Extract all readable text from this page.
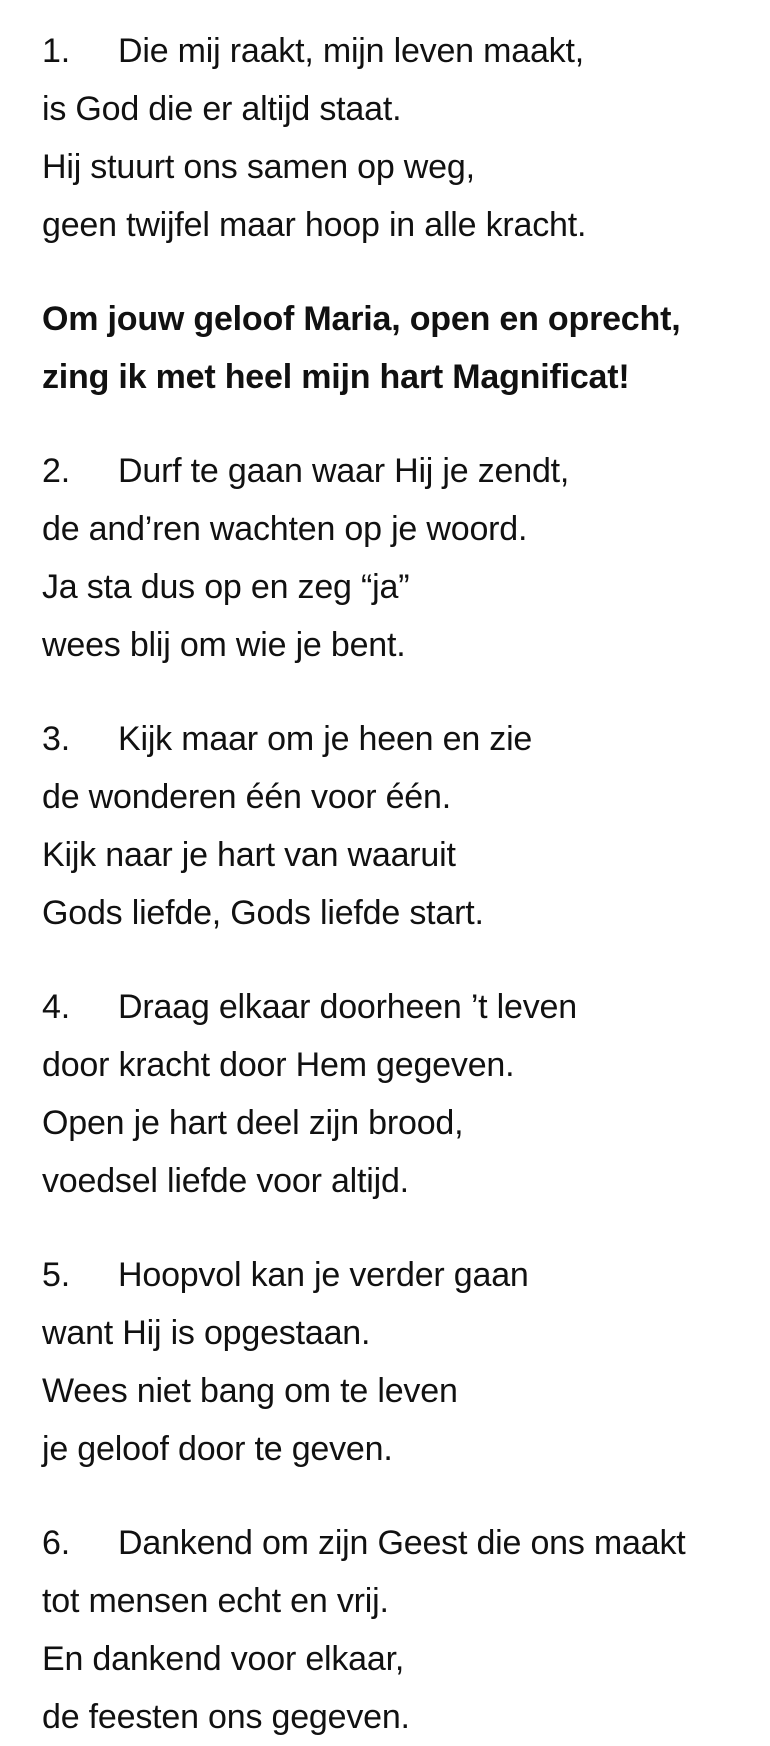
1. Die mij raakt, mijn leven maakt,
is God die er altijd staat.
Hij stuurt ons samen op weg,
geen twijfel maar hoop in alle kracht.
Om jouw geloof Maria, open en oprecht,
zing ik met heel mijn hart Magnificat!
2. Durf te gaan waar Hij je zendt,
de and’ren wachten op je woord.
Ja sta dus op en zeg “ja”
wees blij om wie je bent.
3. Kijk maar om je heen en zie
de wonderen één voor één.
Kijk naar je hart van waaruit
Gods liefde, Gods liefde start.
4. Draag elkaar doorheen ’t leven
door kracht door Hem gegeven.
Open je hart deel zijn brood,
voedsel liefde voor altijd.
5. Hoopvol kan je verder gaan
want Hij is opgestaan.
Wees niet bang om te leven
je geloof door te geven.
6. Dankend om zijn Geest die ons maakt
tot mensen echt en vrij.
En dankend voor elkaar,
de feesten ons gegeven.
